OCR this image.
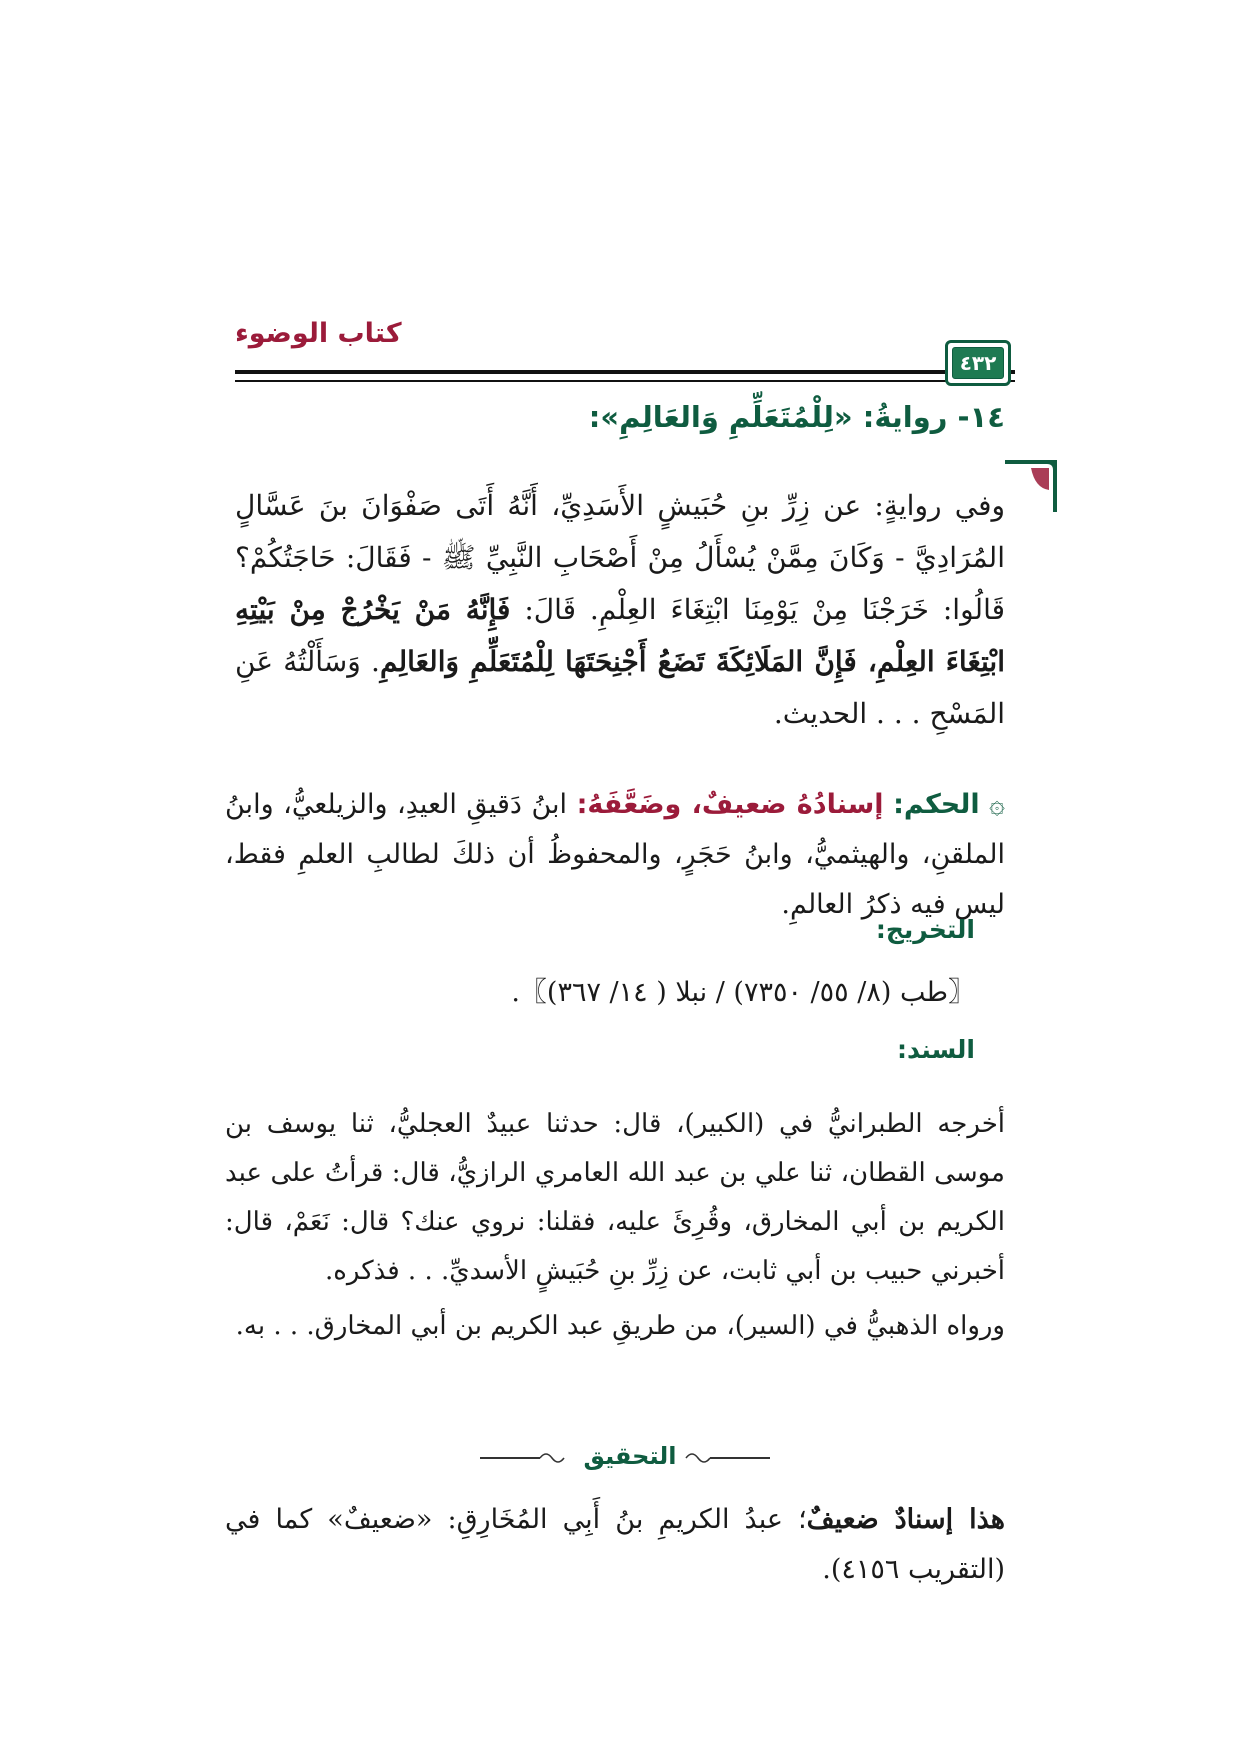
كتاب الوضوء
٤٣٢
١٤- روايةُ: «لِلْمُتَعَلِّمِ وَالعَالِمِ»:
وفي روايةٍ: عن زِرِّ بنِ حُبَيشٍ الأَسَدِيِّ، أَنَّهُ أَتَى صَفْوَانَ بنَ عَسَّالٍ المُرَادِيَّ - وَكَانَ مِمَّنْ يُسْأَلُ مِنْ أَصْحَابِ النَّبِيِّ ﷺ - فَقَالَ: حَاجَتُكُمْ؟ قَالُوا: خَرَجْنَا مِنْ يَوْمِنَا ابْتِغَاءَ العِلْمِ. قَالَ: فَإِنَّهُ مَنْ يَخْرُجْ مِنْ بَيْتِهِ ابْتِغَاءَ العِلْمِ، فَإِنَّ المَلَائِكَةَ تَضَعُ أَجْنِحَتَهَا لِلْمُتَعَلِّمِ وَالعَالِمِ. وَسَأَلْتُهُ عَنِ المَسْحِ . . . الحديث.
۞ الحكم: إسنادُهُ ضعيفٌ، وضَعَّفَهُ: ابنُ دَقيقِ العيدِ، والزيلعيُّ، وابنُ الملقنِ، والهيثميُّ، وابنُ حَجَرٍ، والمحفوظُ أن ذلكَ لطالبِ العلمِ فقط، ليس فيه ذكرُ العالمِ.
التخريج:
〖طب (٨/ ٥٥/ ٧٣٥٠) / نبلا ( ١٤/ ٣٦٧)〗.
السند:

أخرجه الطبرانيُّ في (الكبير)، قال: حدثنا عبيدٌ العجليُّ، ثنا يوسف بن موسى القطان، ثنا علي بن عبد الله العامري الرازيُّ، قال: قرأتُ على عبد الكريم بن أبي المخارق، وقُرِئَ عليه، فقلنا: نروي عنك؟ قال: نَعَمْ، قال: أخبرني حبيب بن أبي ثابت، عن زِرِّ بنِ حُبَيشٍ الأسديِّ. . . فذكره.

ورواه الذهبيُّ في (السير)، من طريقِ عبد الكريم بن أبي المخارق. . . به.

التحقيق
هذا إسنادٌ ضعيفٌ؛ عبدُ الكريمِ بنُ أَبِي المُخَارِقِ: «ضعيفٌ» كما في (التقريب ٤١٥٦).
